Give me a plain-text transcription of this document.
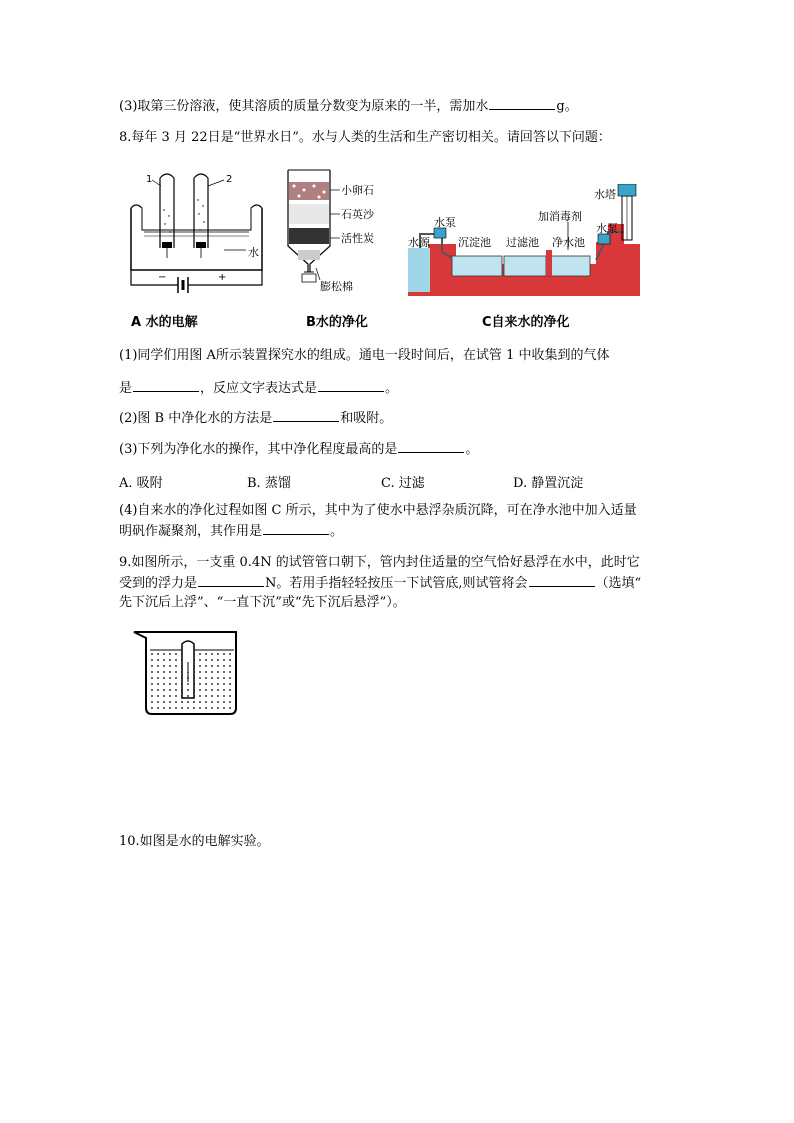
(3)取第三份溶液，使其溶质的质量分数变为原来的一半，需加水	g。
8.每年 3 月 22日是“世界水日”。水与人类的生活和生产密切相关。请回答以下问题：
1	2
水
−	+
A 水的电解
小卵石
石英沙
活性炭
膨松棉
B水的净化
水塔
加消毒剂
水泵
水源	沉淀池 过滤池 净水池
水泵
C自来水的净化
(1)同学们用图 A所示装置探究水的组成。通电一段时间后，在试管 1 中收集到的气体
是	，反应文字表达式是	。
(2)图 B 中净化水的方法是	和吸附。
(3)下列为净化水的操作，其中净化程度最高的是	。
A. 吸附	B. 蒸馏	C. 过滤	D. 静置沉淀
(4)自来水的净化过程如图 C 所示，其中为了使水中悬浮杂质沉降，可在净水池中加入适量
明矾作凝聚剂，其作用是	。
9.如图所示，一支重 0.4N 的试管管口朝下，管内封住适量的空气恰好悬浮在水中，此时它
受到的浮力是	N。若用手指轻轻按压一下试管底,则试管将会	（选填“
先下沉后上浮”、“一直下沉”或“先下沉后悬浮”）。
10.如图是水的电解实验。
